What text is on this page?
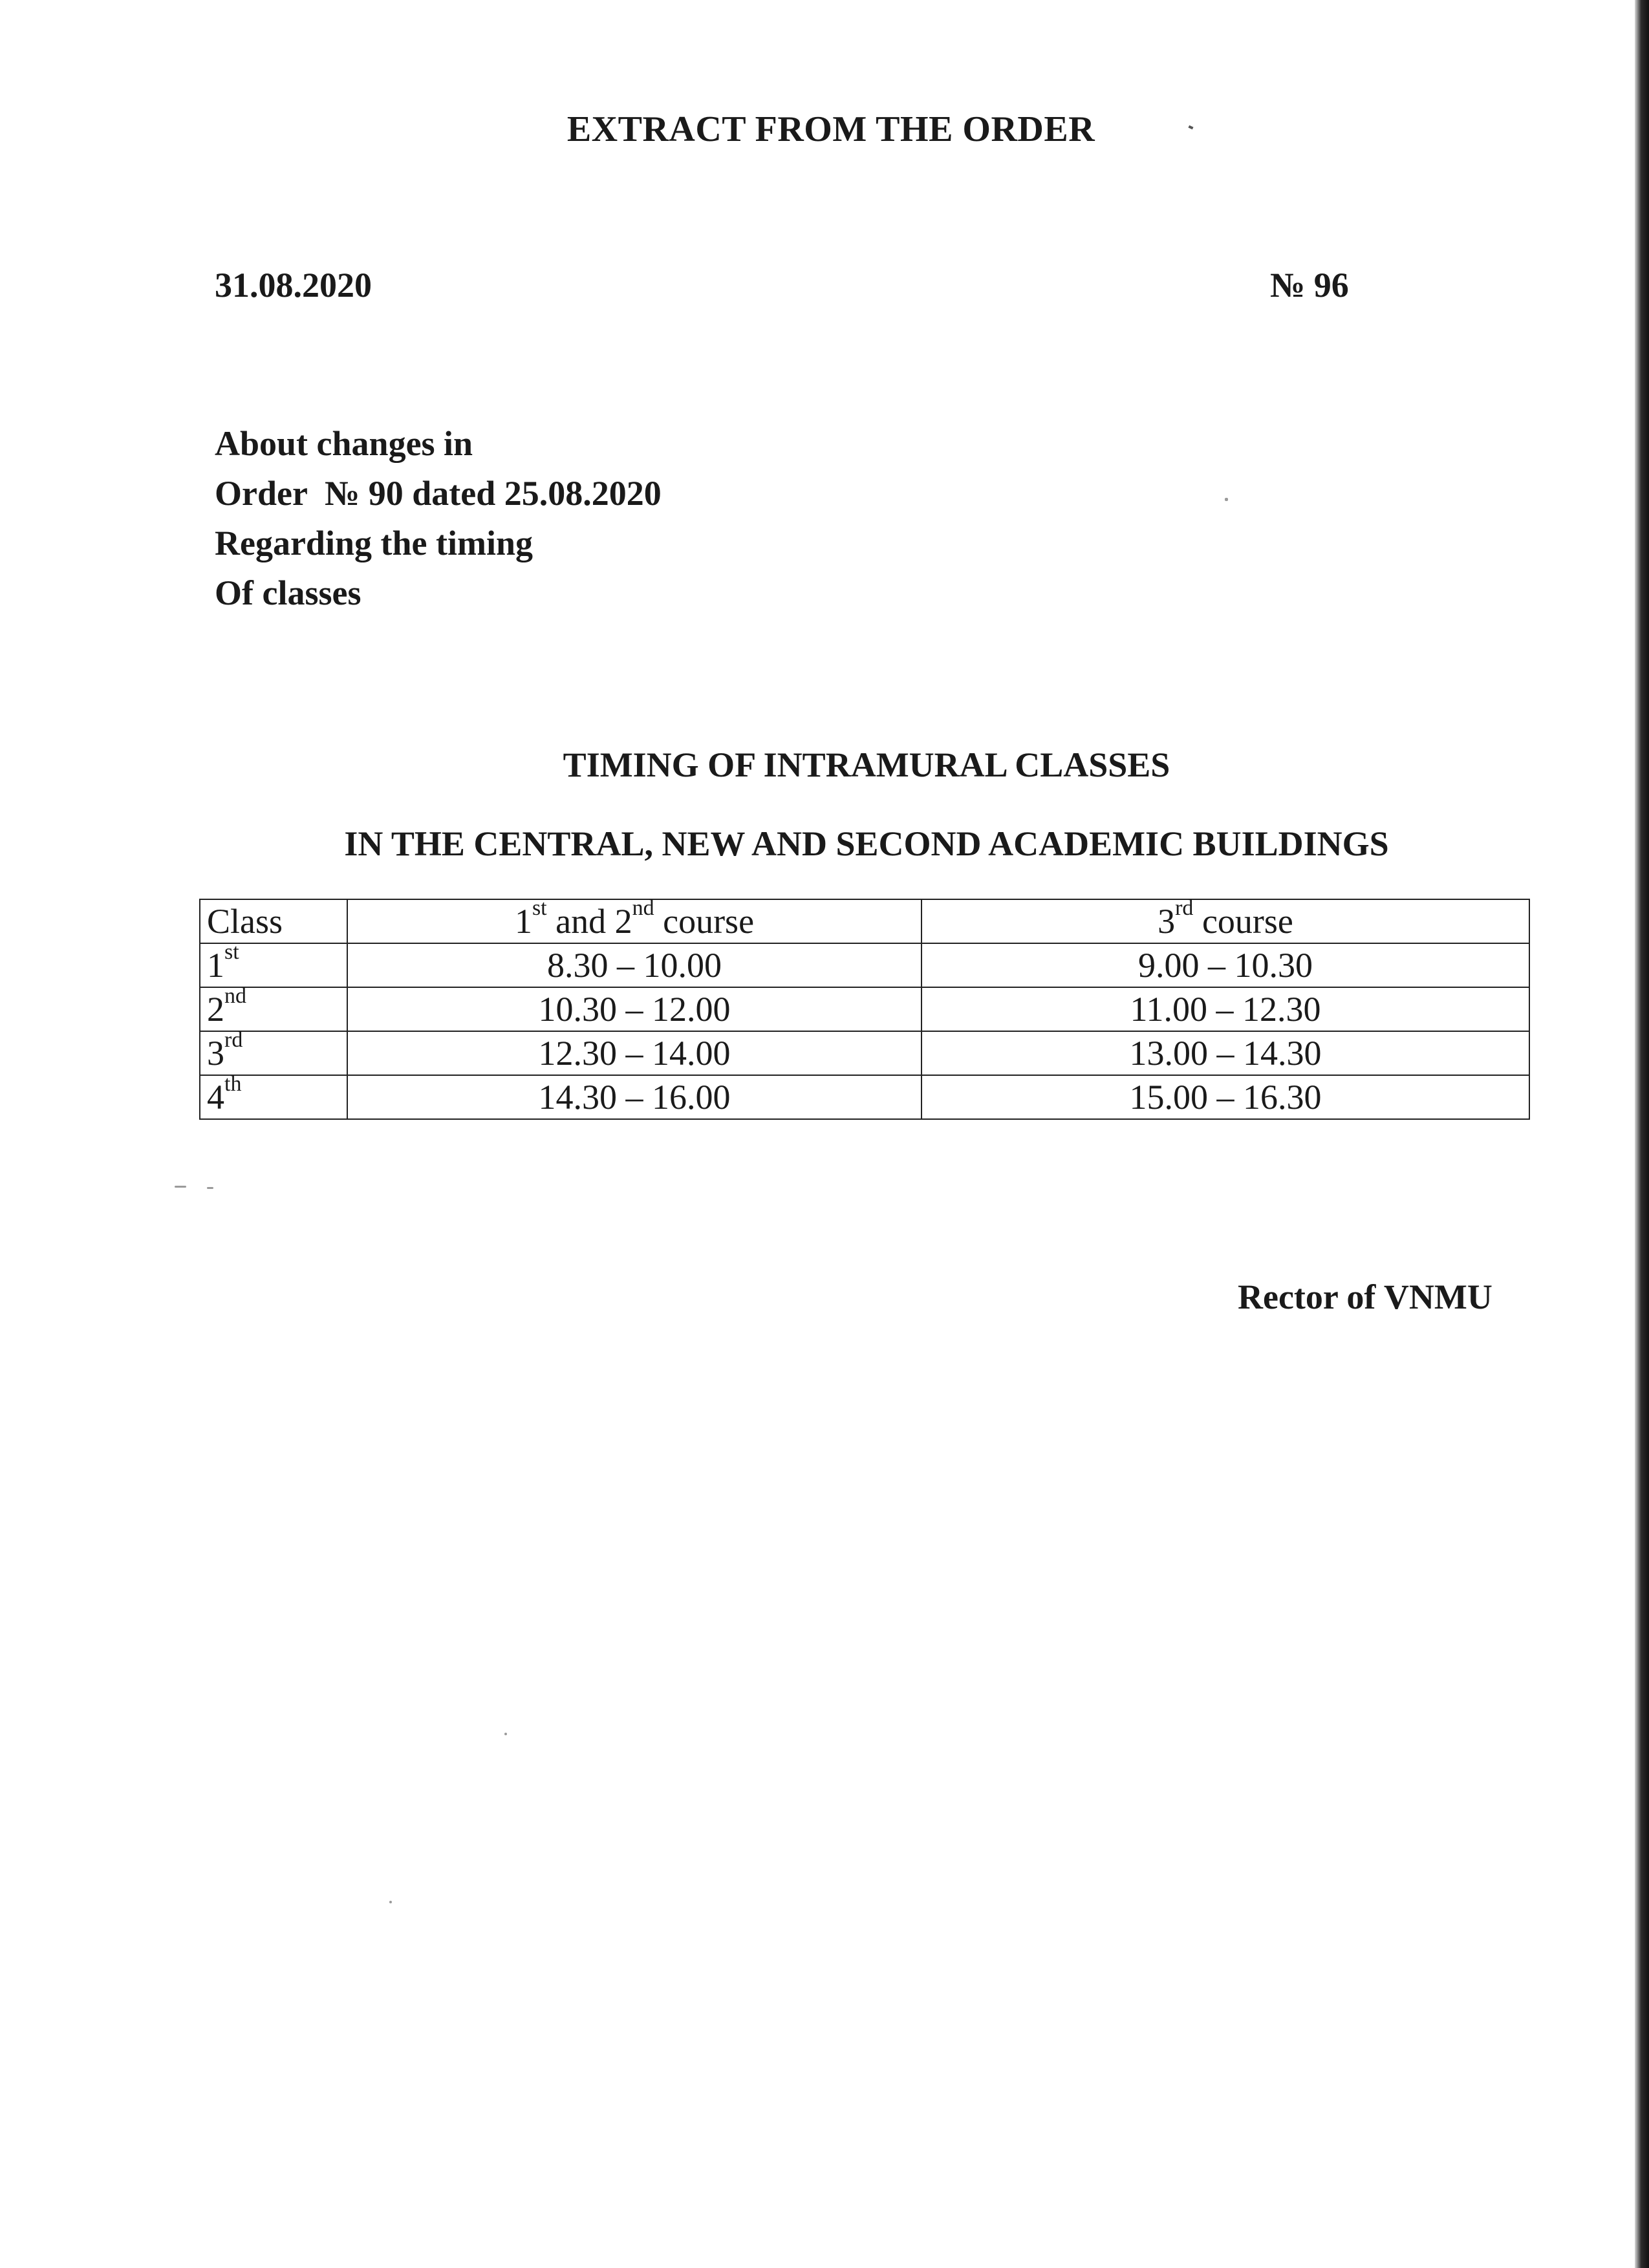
EXTRACT FROM THE ORDER
31.08.2020	№ 96
About changes in
Order  № 90 dated 25.08.2020
Regarding the timing
Of classes
TIMING OF INTRAMURAL CLASSES
IN THE CENTRAL, NEW AND SECOND ACADEMIC BUILDINGS
Class	1st and 2nd course	3rd course
1st	8.30 – 10.00	9.00 – 10.30
2nd	10.30 – 12.00	11.00 – 12.30
3rd	12.30 – 14.00	13.00 – 14.30
4th	14.30 – 16.00	15.00 – 16.30
Rector of VNMU
